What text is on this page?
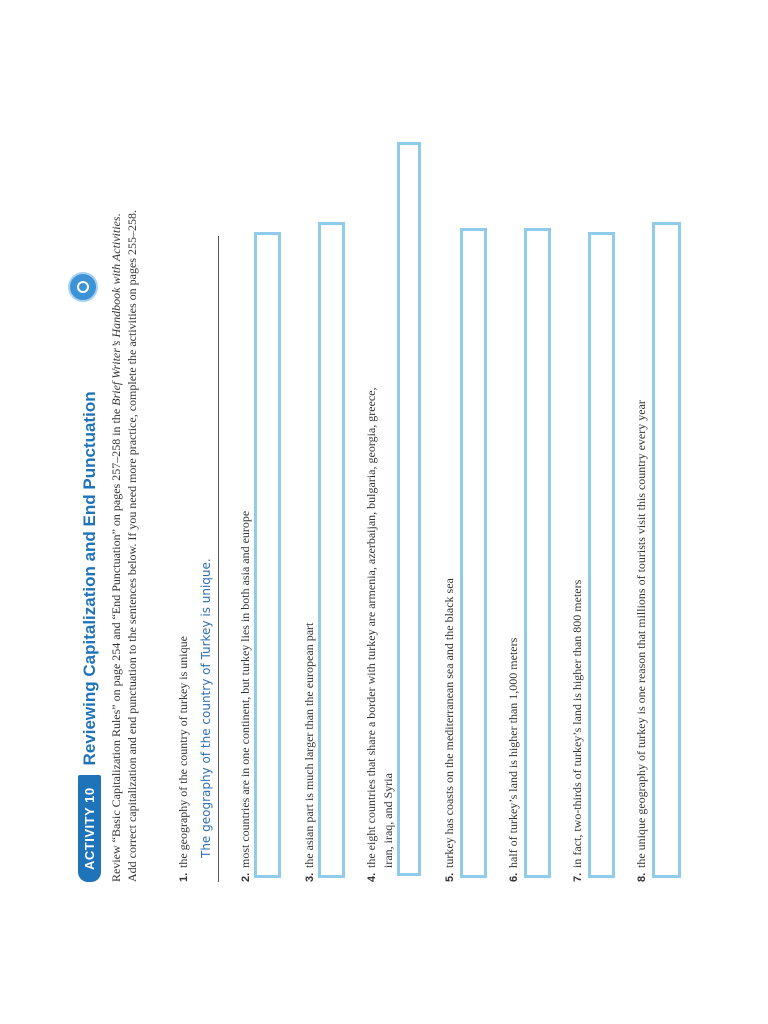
ACTIVITY 10
Reviewing Capitalization and End Punctuation Review “Basic Capitalization Rules” on page 254 and “End Punctuation” on pages 257–258 in the Brief Writer’s Handbook with Activities. Add correct capitalization and end punctuation to the sentences below. If you need more practice, complete the activities on pages 255–258.	1.the geography of the country of turkey is unique The geography of the country of Turkey is unique.
2.most countries are in one continent, but turkey lies in both asia and europe
3.the asian part is much larger than the european part
4.the eight countries that share a border with turkey are armenia, azerbaijan, bulgaria, georgia, greece, iran, iraq, and Syria
5.turkey has coasts on the mediterranean sea and the black sea
6.half of turkey’s land is higher than 1,000 meters
7.in fact, two-thirds of turkey’s land is higher than 800 meters
8.the unique geography of turkey is one reason that millions of tourists visit this country every year
